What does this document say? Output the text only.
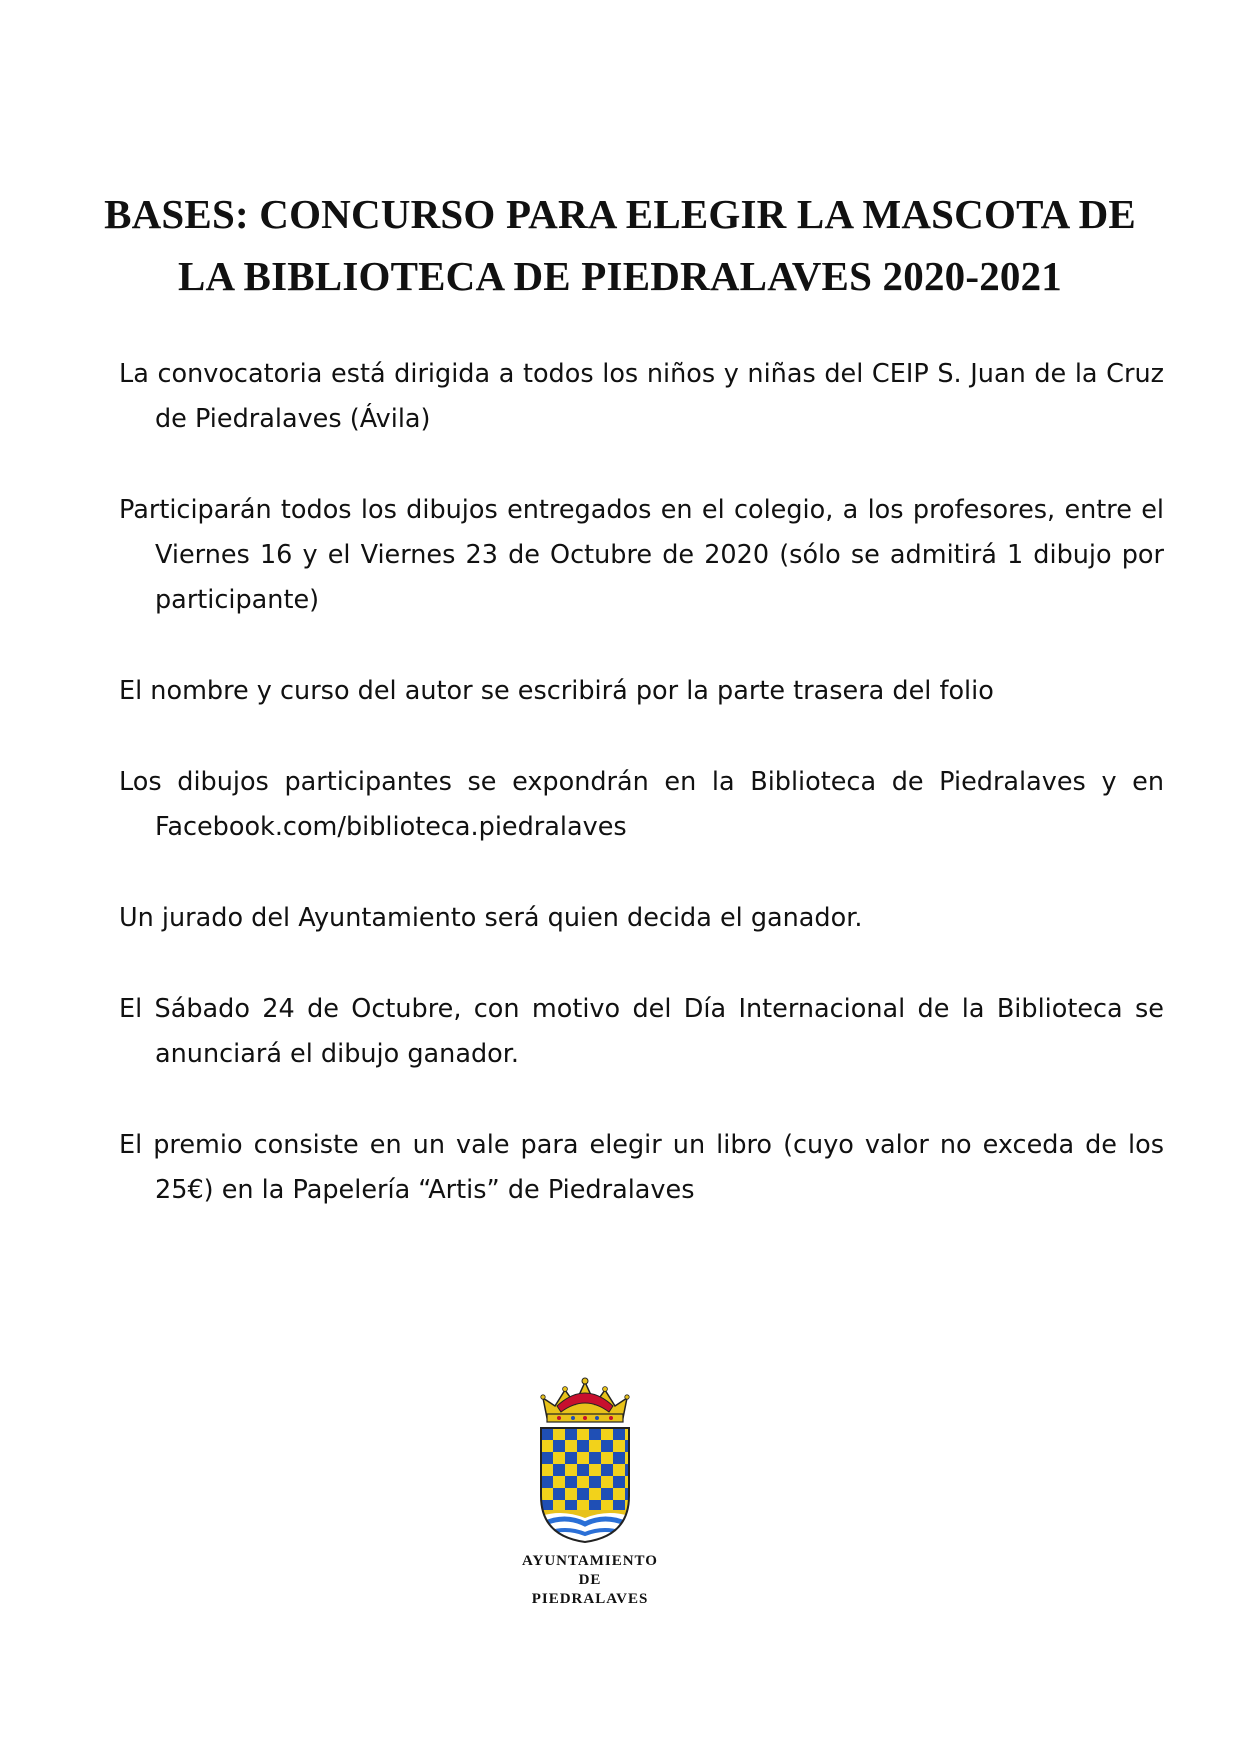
BASES: CONCURSO PARA ELEGIR LA MASCOTA DE
LA BIBLIOTECA DE PIEDRALAVES 2020-2021

La convocatoria está dirigida a todos los niños y niñas del CEIP S. Juan de la Cruz de Piedralaves (Ávila)

Participarán todos los dibujos entregados en el colegio, a los profesores, entre el Viernes 16 y el Viernes 23 de Octubre de 2020 (sólo se admitirá 1 dibujo por participante)

El nombre y curso del autor se escribirá por la parte trasera del folio

Los dibujos participantes se expondrán en la Biblioteca de Piedralaves y en Facebook.com/biblioteca.piedralaves

Un jurado del Ayuntamiento será quien decida el ganador.

El Sábado 24 de Octubre, con motivo del Día Internacional de la Biblioteca se anunciará el dibujo ganador.

El premio consiste en un vale para elegir un libro (cuyo valor no exceda de los 25€) en la Papelería “Artis” de Piedralaves

AYUNTAMIENTO
DE
PIEDRALAVES
